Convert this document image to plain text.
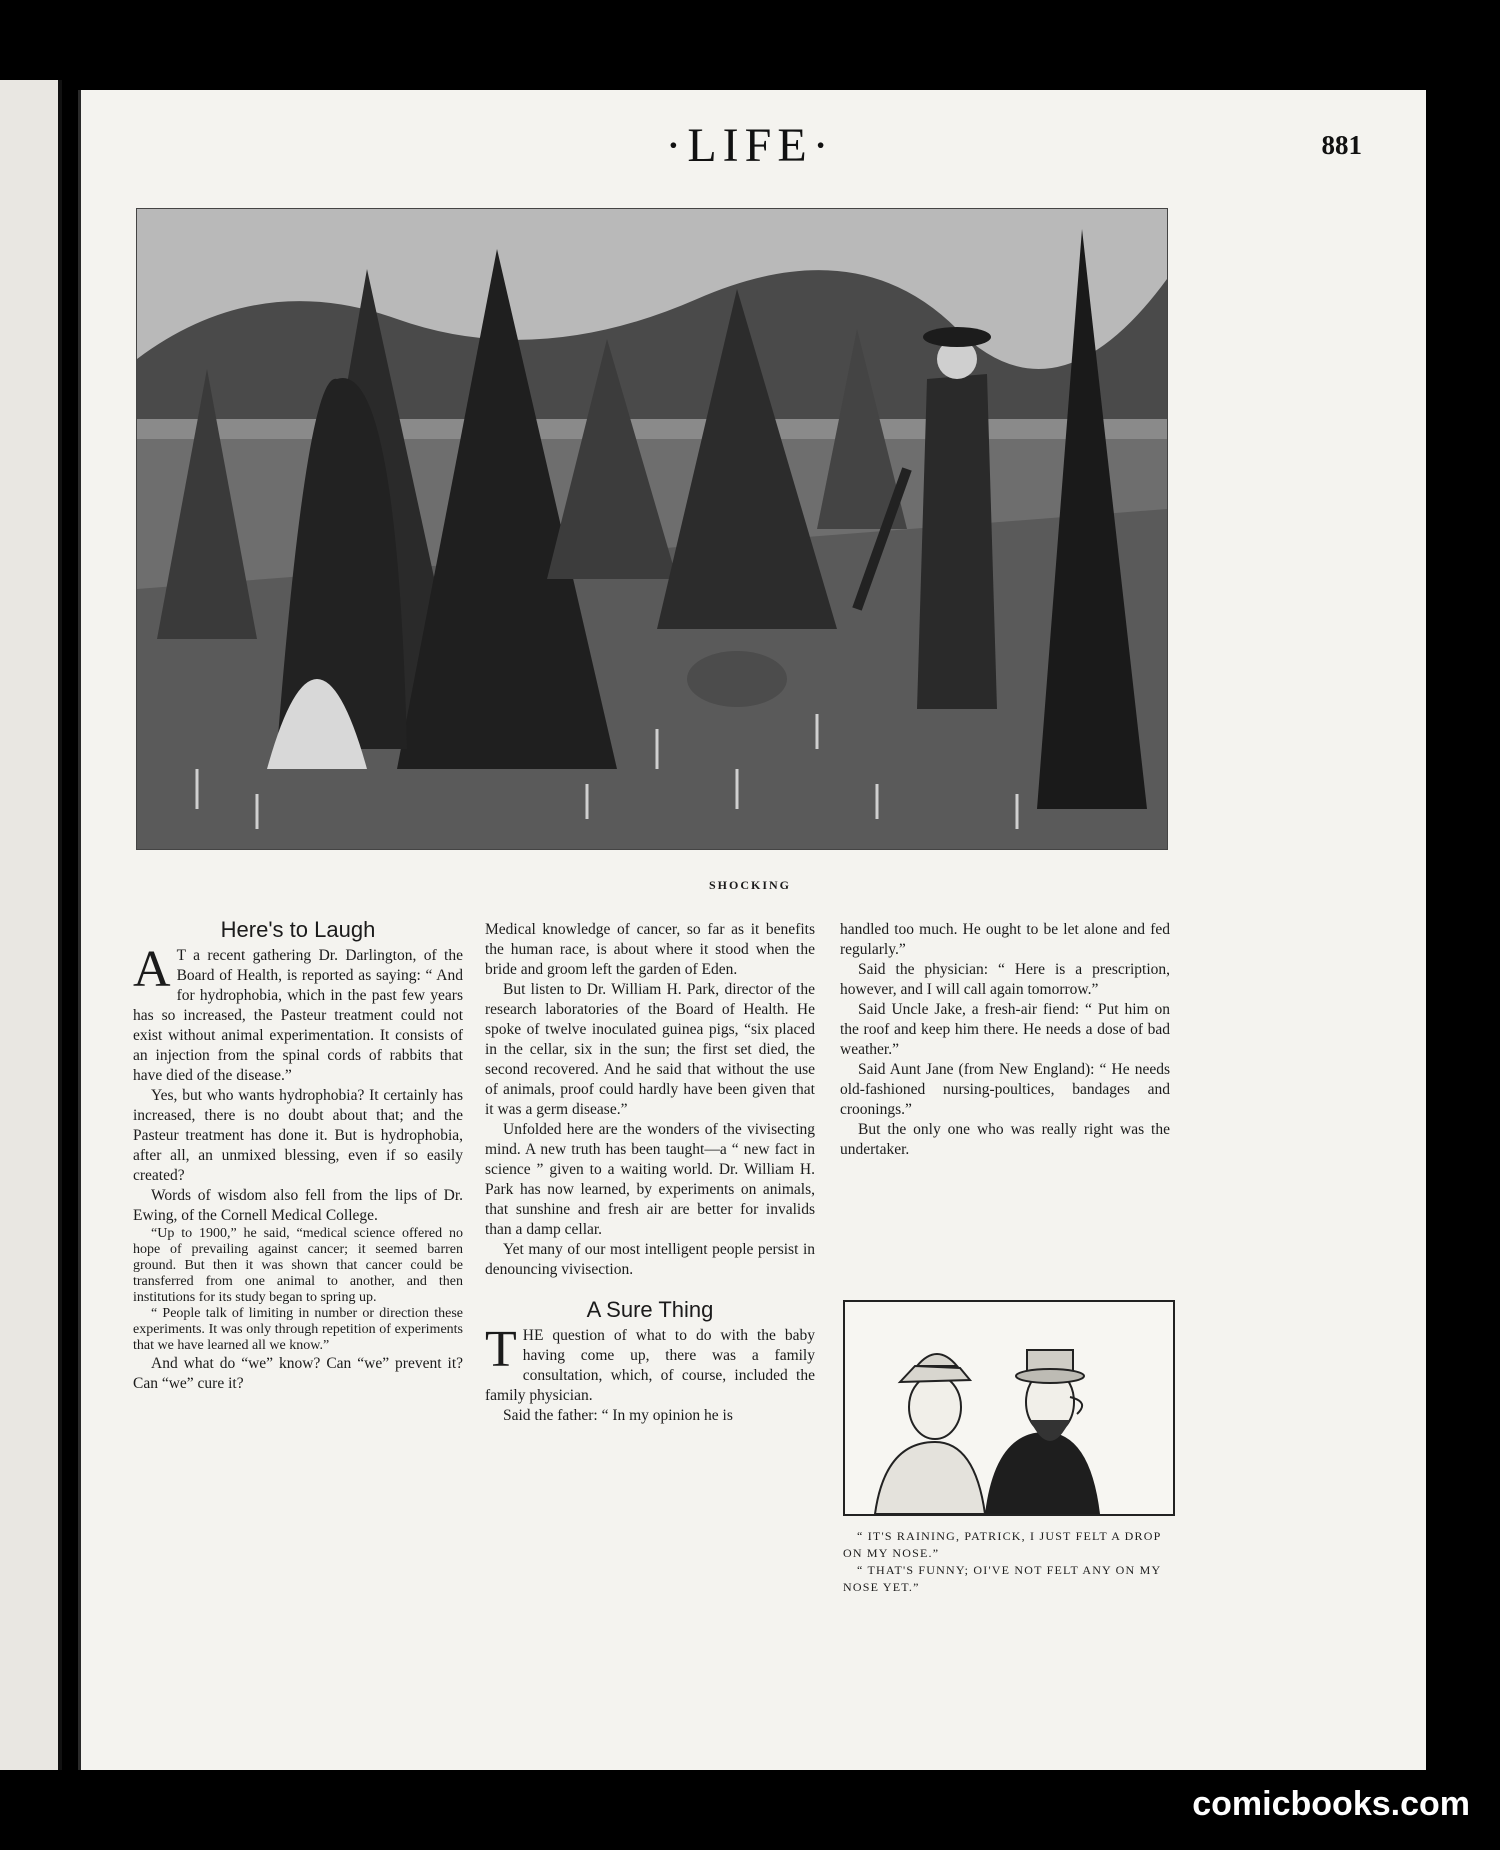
·LIFE·	881
SHOCKING
Here's to Laugh

A T a recent gathering Dr. Darlington, of the Board of Health, is reported as saying: “ And for hydrophobia, which in the past few years has so increased, the Pasteur treatment could not exist without animal experimentation. It consists of an injection from the spinal cords of rabbits that have died of the disease.”

Yes, but who wants hydrophobia? It certainly has increased, there is no doubt about that; and the Pasteur treatment has done it. But is hydrophobia, after all, an unmixed blessing, even if so easily created?

Words of wisdom also fell from the lips of Dr. Ewing, of the Cornell Medical College.

“Up to 1900,” he said, “medical science offered no hope of prevailing against cancer; it seemed barren ground. But then it was shown that cancer could be transferred from one animal to another, and then institutions for its study began to spring up.

“ People talk of limiting in number or direction these experiments. It was only through repetition of experiments that we have learned all we know.”

And what do “we” know? Can “we” prevent it? Can “we” cure it?

Medical knowledge of cancer, so far as it benefits the human race, is about where it stood when the bride and groom left the garden of Eden.

But listen to Dr. William H. Park, director of the research laboratories of the Board of Health. He spoke of twelve inoculated guinea pigs, “six placed in the cellar, six in the sun; the first set died, the second recovered. And he said that without the use of animals, proof could hardly have been given that it was a germ disease.”

Unfolded here are the wonders of the vivisecting mind. A new truth has been taught—a “ new fact in science ” given to a waiting world. Dr. William H. Park has now learned, by experiments on animals, that sunshine and fresh air are better for invalids than a damp cellar.

Yet many of our most intelligent people persist in denouncing vivisection.

A Sure Thing

THE question of what to do with the baby having come up, there was a family consultation, which, of course, included the family physician.

Said the father: “ In my opinion he is

handled too much. He ought to be let alone and fed regularly.”

Said the physician: “ Here is a prescription, however, and I will call again tomorrow.”

Said Uncle Jake, a fresh-air fiend: “ Put him on the roof and keep him there. He needs a dose of bad weather.”

Said Aunt Jane (from New England): “ He needs old-fashioned nursing-poultices, bandages and croonings.”

But the only one who was really right was the undertaker.

“ IT'S RAINING, PATRICK, I JUST FELT A DROP ON MY NOSE.”

“ THAT'S FUNNY; OI'VE NOT FELT ANY ON MY NOSE YET.”

comicbooks.com
